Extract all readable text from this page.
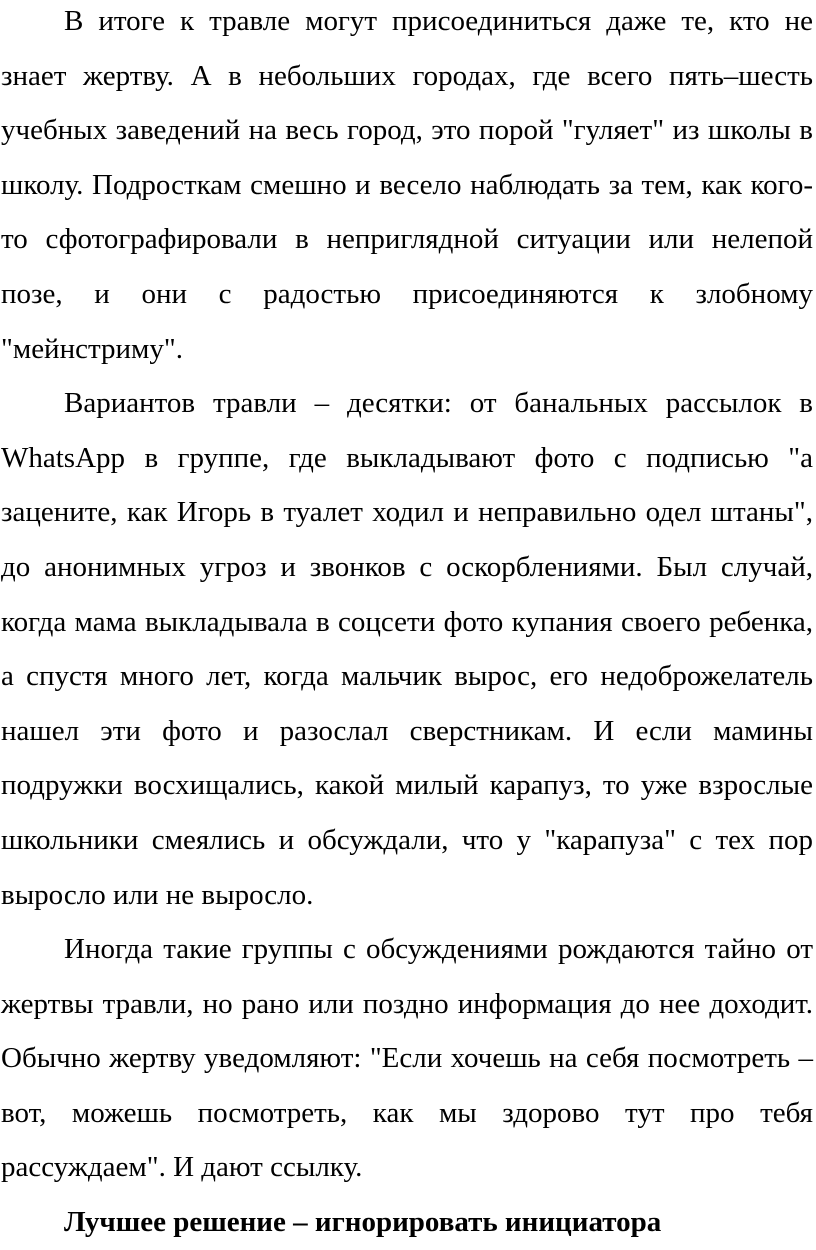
В итоге к травле могут присоединиться даже те, кто не знает жертву. А в небольших городах, где всего пять–шесть учебных заведений на весь город, это порой "гуляет" из школы в школу. Подросткам смешно и весело наблюдать за тем, как кого-то сфотографировали в неприглядной ситуации или нелепой позе, и они с радостью присоединяются к злобному "мейнстриму".

Вариантов травли – десятки: от банальных рассылок в WhatsApp в группе, где выкладывают фото с подписью "а зацените, как Игорь в туалет ходил и неправильно одел штаны", до анонимных угроз и звонков с оскорблениями. Был случай, когда мама выкладывала в соцсети фото купания своего ребенка, а спустя много лет, когда мальчик вырос, его недоброжелатель нашел эти фото и разослал сверстникам. И если мамины подружки восхищались, какой милый карапуз, то уже взрослые школьники смеялись и обсуждали, что у "карапуза" с тех пор выросло или не выросло.

Иногда такие группы с обсуждениями рождаются тайно от жертвы травли, но рано или поздно информация до нее доходит. Обычно жертву уведомляют: "Если хочешь на себя посмотреть – вот, можешь посмотреть, как мы здорово тут про тебя рассуждаем". И дают ссылку.

Лучшее решение – игнорировать инициатора
